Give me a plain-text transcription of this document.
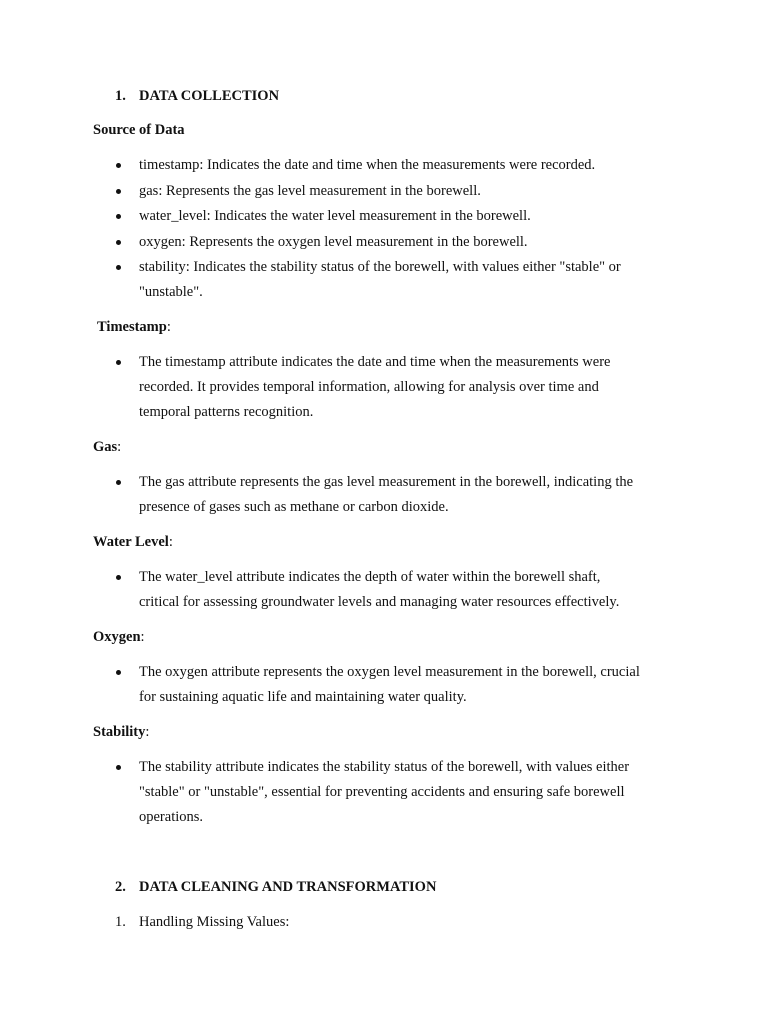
1. DATA COLLECTION
Source of Data
timestamp: Indicates the date and time when the measurements were recorded.
gas: Represents the gas level measurement in the borewell.
water_level: Indicates the water level measurement in the borewell.
oxygen: Represents the oxygen level measurement in the borewell.
stability: Indicates the stability status of the borewell, with values either "stable" or
"unstable".
Timestamp:
The timestamp attribute indicates the date and time when the measurements were
recorded. It provides temporal information, allowing for analysis over time and
temporal patterns recognition.
Gas:
The gas attribute represents the gas level measurement in the borewell, indicating the
presence of gases such as methane or carbon dioxide.
Water Level:
The water_level attribute indicates the depth of water within the borewell shaft,
critical for assessing groundwater levels and managing water resources effectively.
Oxygen:
The oxygen attribute represents the oxygen level measurement in the borewell, crucial
for sustaining aquatic life and maintaining water quality.
Stability:
The stability attribute indicates the stability status of the borewell, with values either
"stable" or "unstable", essential for preventing accidents and ensuring safe borewell
operations.
2. DATA CLEANING AND TRANSFORMATION
1. Handling Missing Values:
